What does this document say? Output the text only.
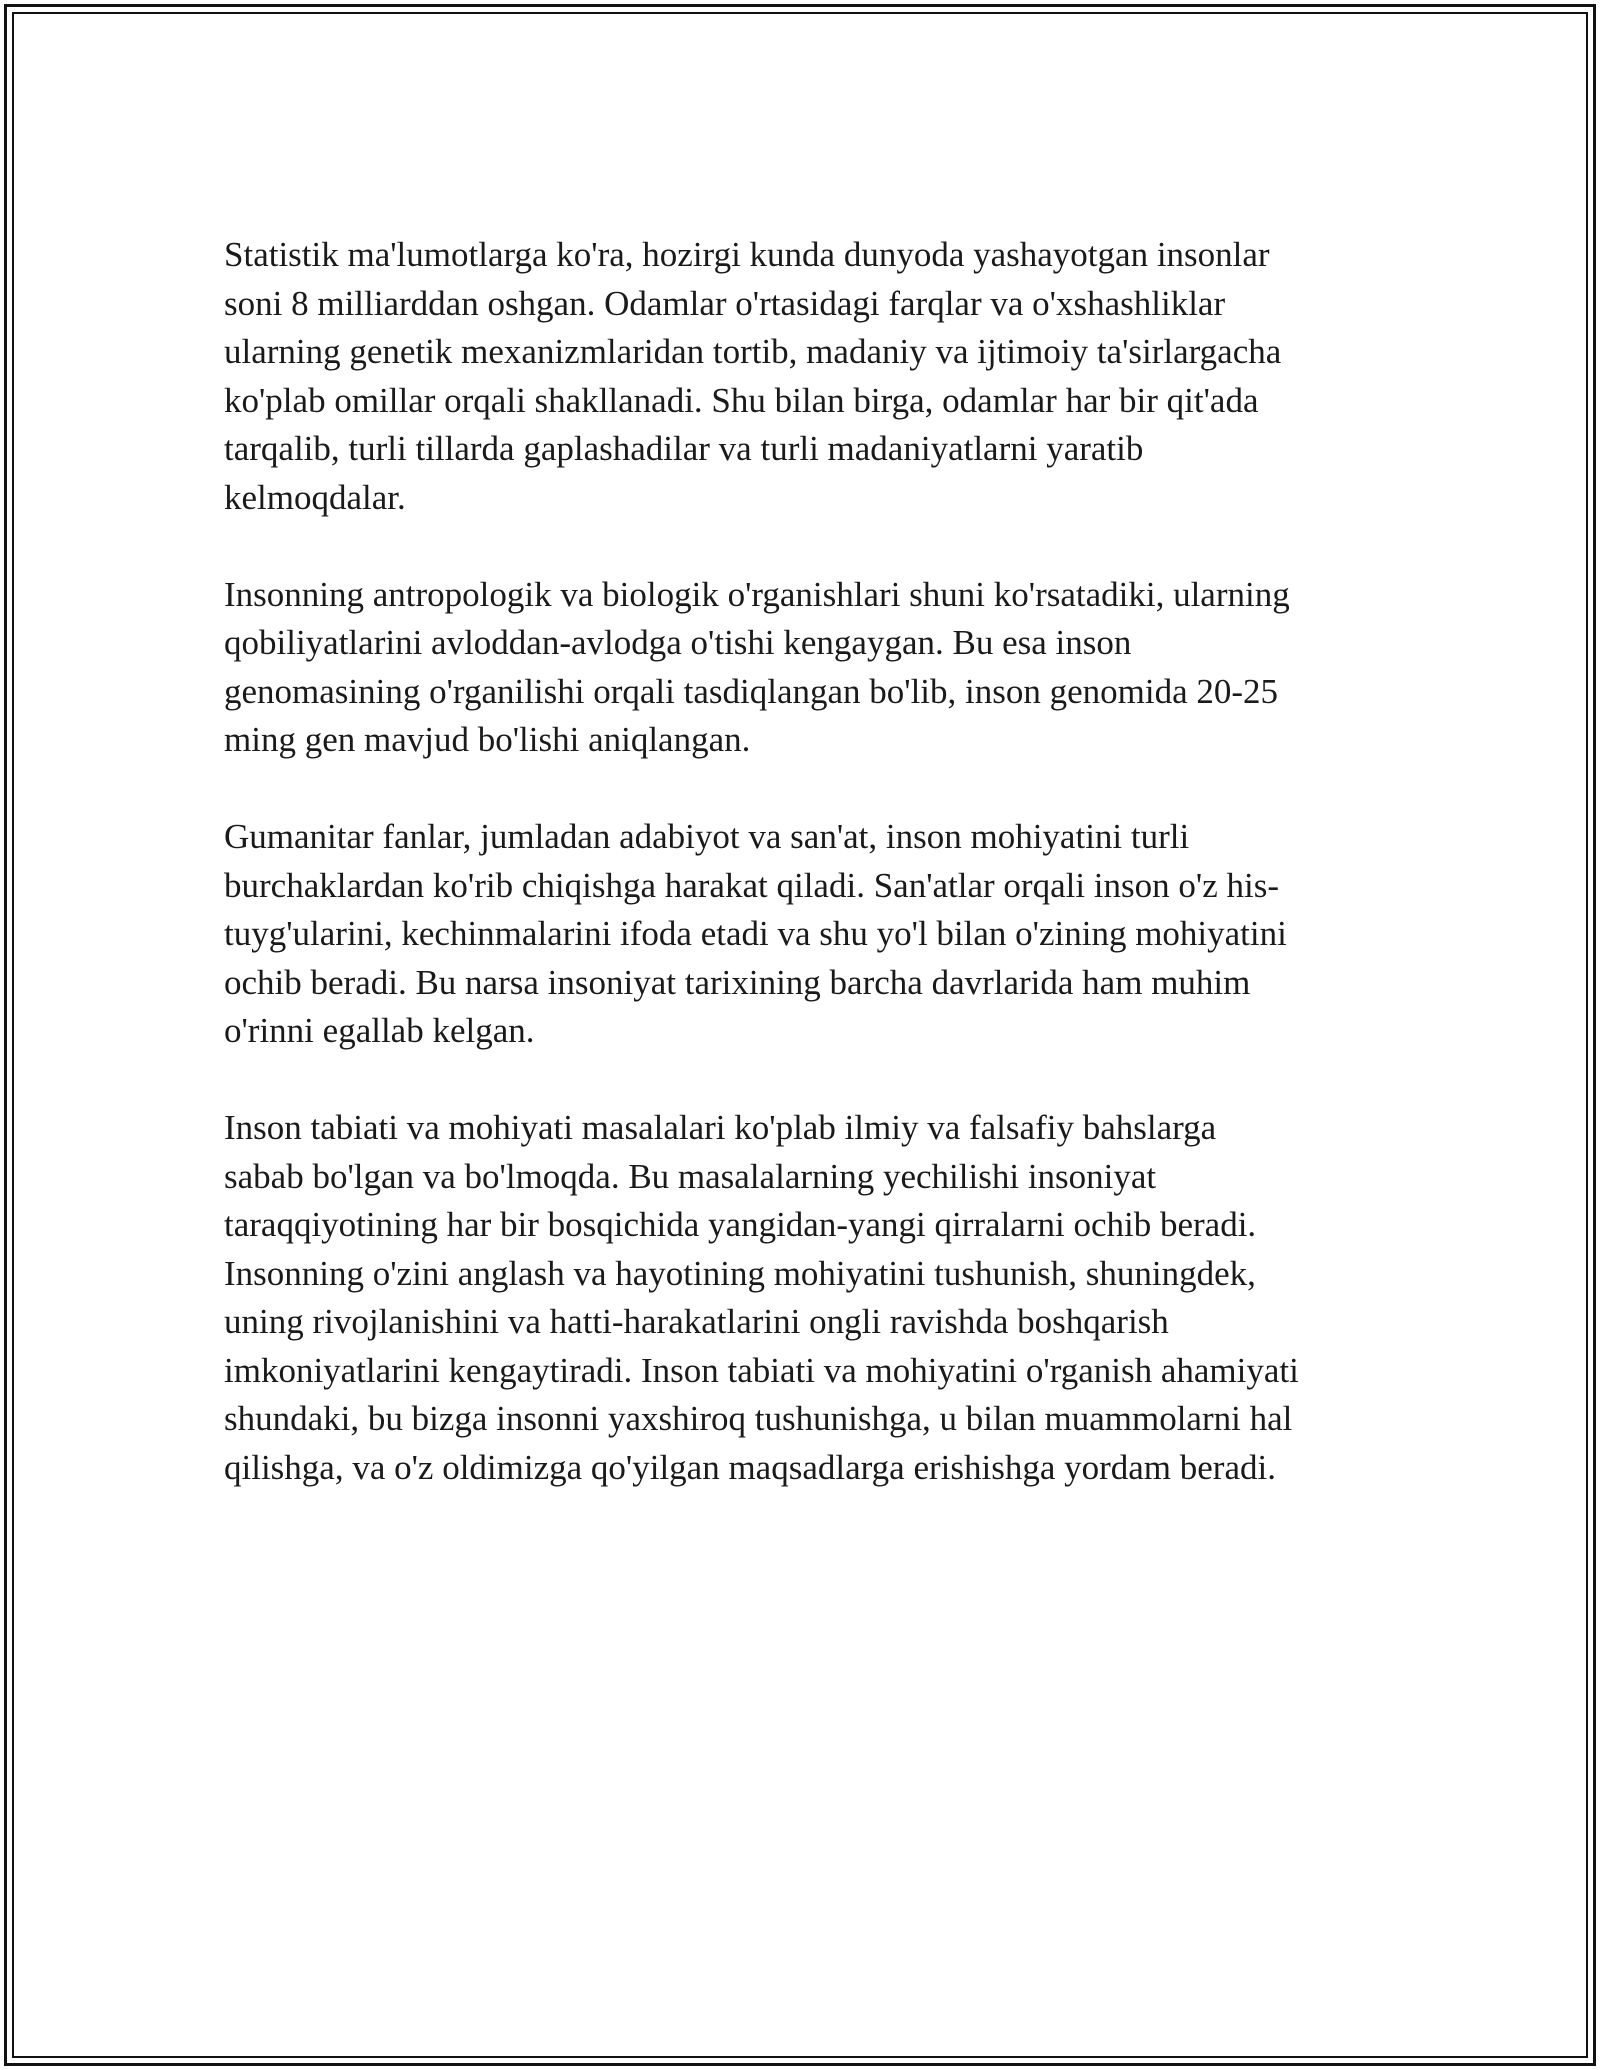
Statistik ma'lumotlarga ko'ra, hozirgi kunda dunyoda yashayotgan insonlar
soni 8 milliarddan oshgan. Odamlar o'rtasidagi farqlar va o'xshashliklar
ularning genetik mexanizmlaridan tortib, madaniy va ijtimoiy ta'sirlargacha
ko'plab omillar orqali shakllanadi. Shu bilan birga, odamlar har bir qit'ada
tarqalib, turli tillarda gaplashadilar va turli madaniyatlarni yaratib
kelmoqdalar.

Insonning antropologik va biologik o'rganishlari shuni ko'rsatadiki, ularning
qobiliyatlarini avloddan-avlodga o'tishi kengaygan. Bu esa inson
genomasining o'rganilishi orqali tasdiqlangan bo'lib, inson genomida 20-25
ming gen mavjud bo'lishi aniqlangan.

Gumanitar fanlar, jumladan adabiyot va san'at, inson mohiyatini turli
burchaklardan ko'rib chiqishga harakat qiladi. San'atlar orqali inson o'z his-
tuyg'ularini, kechinmalarini ifoda etadi va shu yo'l bilan o'zining mohiyatini
ochib beradi. Bu narsa insoniyat tarixining barcha davrlarida ham muhim
o'rinni egallab kelgan.

Inson tabiati va mohiyati masalalari ko'plab ilmiy va falsafiy bahslarga
sabab bo'lgan va bo'lmoqda. Bu masalalarning yechilishi insoniyat
taraqqiyotining har bir bosqichida yangidan-yangi qirralarni ochib beradi.
Insonning o'zini anglash va hayotining mohiyatini tushunish, shuningdek,
uning rivojlanishini va hatti-harakatlarini ongli ravishda boshqarish
imkoniyatlarini kengaytiradi. Inson tabiati va mohiyatini o'rganish ahamiyati
shundaki, bu bizga insonni yaxshiroq tushunishga, u bilan muammolarni hal
qilishga, va o'z oldimizga qo'yilgan maqsadlarga erishishga yordam beradi.
